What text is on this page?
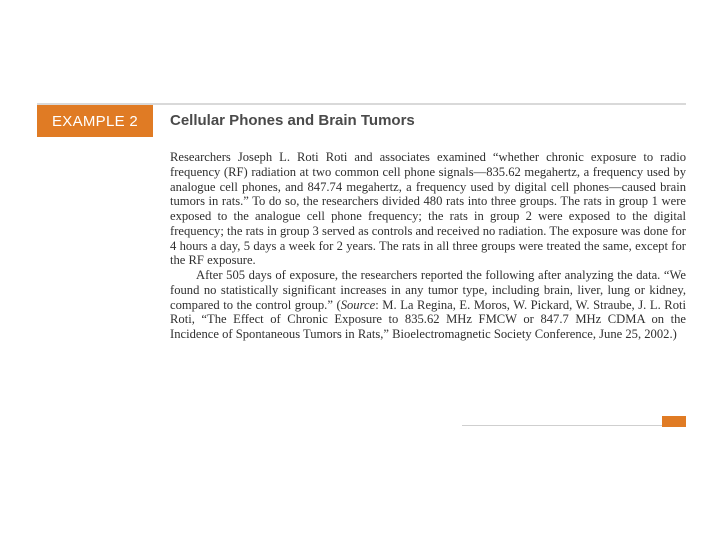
EXAMPLE 2 Cellular Phones and Brain Tumors

Researchers Joseph L. Roti Roti and associates examined “whether chronic exposure to radio frequency (RF) radiation at two common cell phone signals—835.62 megahertz, a frequency used by analogue cell phones, and 847.74 megahertz, a frequency used by digital cell phones—caused brain tumors in rats.” To do so, the researchers divided 480 rats into three groups. The rats in group 1 were exposed to the analogue cell phone frequency; the rats in group 2 were exposed to the digital frequency; the rats in group 3 served as controls and received no radiation. The exposure was done for 4 hours a day, 5 days a week for 2 years. The rats in all three groups were treated the same, except for the RF exposure.

After 505 days of exposure, the researchers reported the following after analyzing the data. “We found no statistically significant increases in any tumor type, including brain, liver, lung or kidney, compared to the control group.” (Source: M. La Regina, E. Moros, W. Pickard, W. Straube, J. L. Roti Roti, “The Effect of Chronic Exposure to 835.62 MHz FMCW or 847.7 MHz CDMA on the Incidence of Spontaneous Tumors in Rats,” Bioelectromagnetic Society Conference, June 25, 2002.)
